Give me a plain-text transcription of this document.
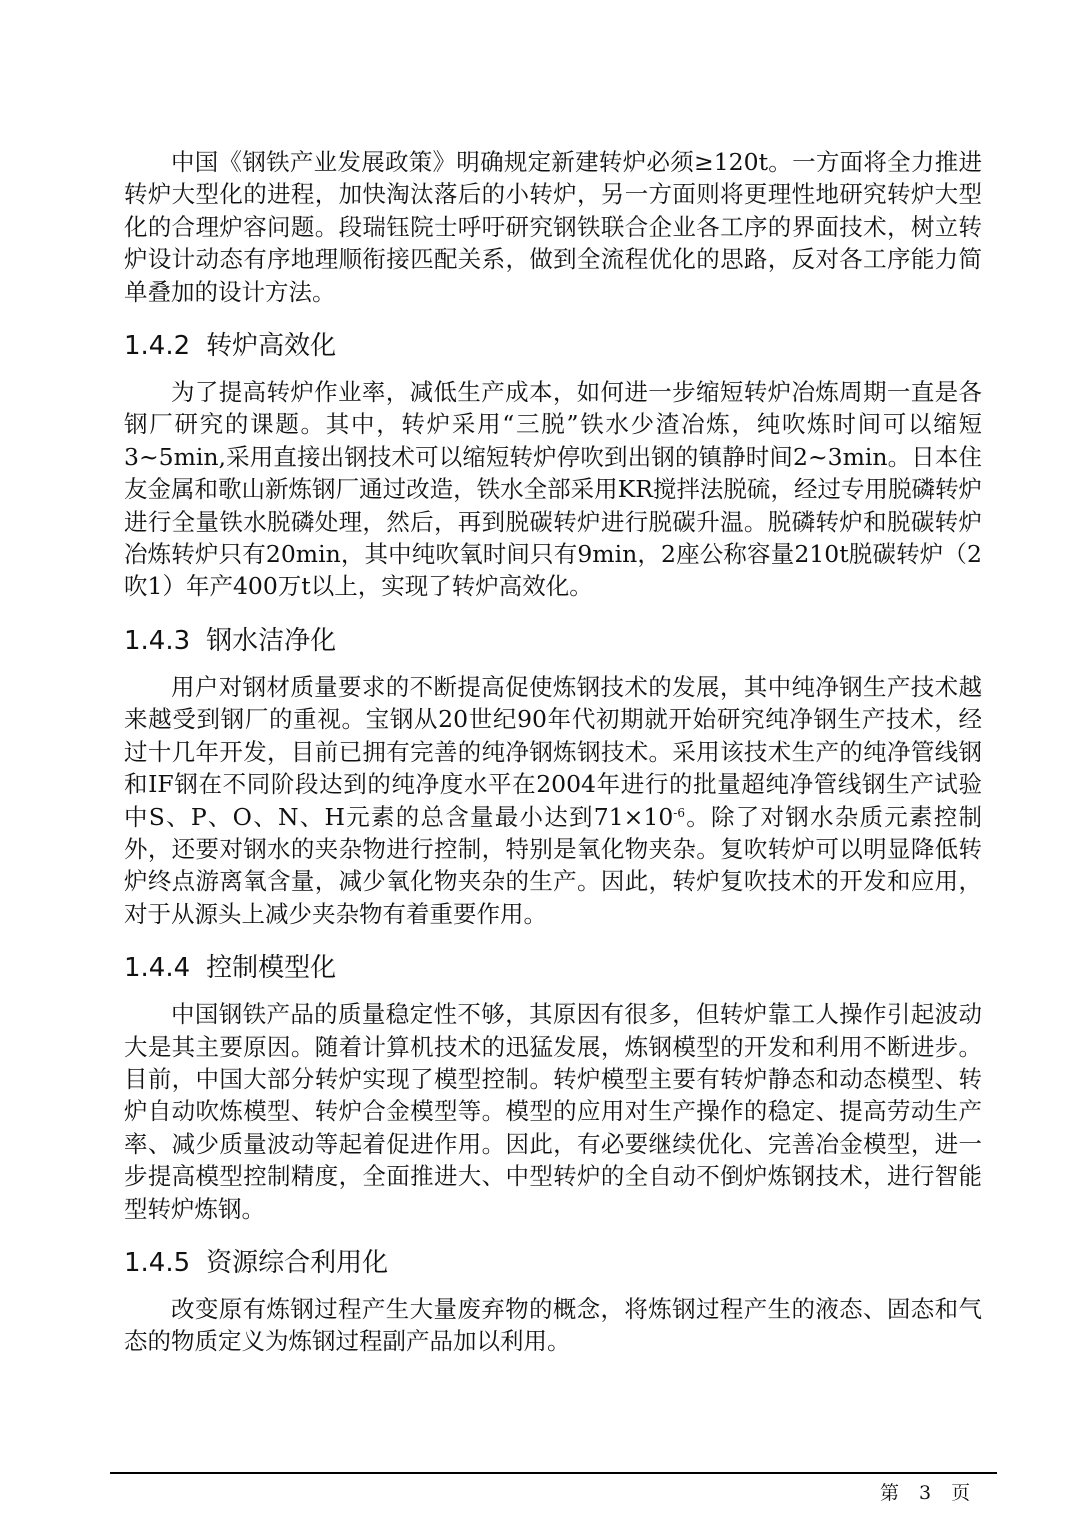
中国《钢铁产业发展政策》明确规定新建转炉必须≥120t。一方面将全力推进转炉大型化的进程，加快淘汰落后的小转炉，另一方面则将更理性地研究转炉大型化的合理炉容问题。段瑞钰院士呼吁研究钢铁联合企业各工序的界面技术，树立转炉设计动态有序地理顺衔接匹配关系，做到全流程优化的思路，反对各工序能力简单叠加的设计方法。

1.4.2 转炉高效化

为了提高转炉作业率，减低生产成本，如何进一步缩短转炉冶炼周期一直是各钢厂研究的课题。其中，转炉采用“三脱”铁水少渣冶炼，纯吹炼时间可以缩短3~5min,采用直接出钢技术可以缩短转炉停吹到出钢的镇静时间2~3min。日本住友金属和歌山新炼钢厂通过改造，铁水全部采用KR搅拌法脱硫，经过专用脱磷转炉进行全量铁水脱磷处理，然后，再到脱碳转炉进行脱碳升温。脱磷转炉和脱碳转炉冶炼转炉只有20min，其中纯吹氧时间只有9min，2座公称容量210t脱碳转炉（2吹1）年产400万t以上，实现了转炉高效化。

1.4.3 钢水洁净化

用户对钢材质量要求的不断提高促使炼钢技术的发展，其中纯净钢生产技术越来越受到钢厂的重视。宝钢从20世纪90年代初期就开始研究纯净钢生产技术，经过十几年开发，目前已拥有完善的纯净钢炼钢技术。采用该技术生产的纯净管线钢和IF钢在不同阶段达到的纯净度水平在2004年进行的批量超纯净管线钢生产试验中S、P、O、N、H元素的总含量最小达到$71\times 10^{-6}$。除了对钢水杂质元素控制外，还要对钢水的夹杂物进行控制，特别是氧化物夹杂。复吹转炉可以明显降低转炉终点游离氧含量，减少氧化物夹杂的生产。因此，转炉复吹技术的开发和应用，对于从源头上减少夹杂物有着重要作用。

1.4.4 控制模型化

中国钢铁产品的质量稳定性不够，其原因有很多，但转炉靠工人操作引起波动大是其主要原因。随着计算机技术的迅猛发展，炼钢模型的开发和利用不断进步。目前，中国大部分转炉实现了模型控制。转炉模型主要有转炉静态和动态模型、转炉自动吹炼模型、转炉合金模型等。模型的应用对生产操作的稳定、提高劳动生产率、减少质量波动等起着促进作用。因此，有必要继续优化、完善冶金模型，进一步提高模型控制精度，全面推进大、中型转炉的全自动不倒炉炼钢技术，进行智能型转炉炼钢。

1.4.5 资源综合利用化

改变原有炼钢过程产生大量废弃物的概念，将炼钢过程产生的液态、固态和气态的物质定义为炼钢过程副产品加以利用。

第 3 页
